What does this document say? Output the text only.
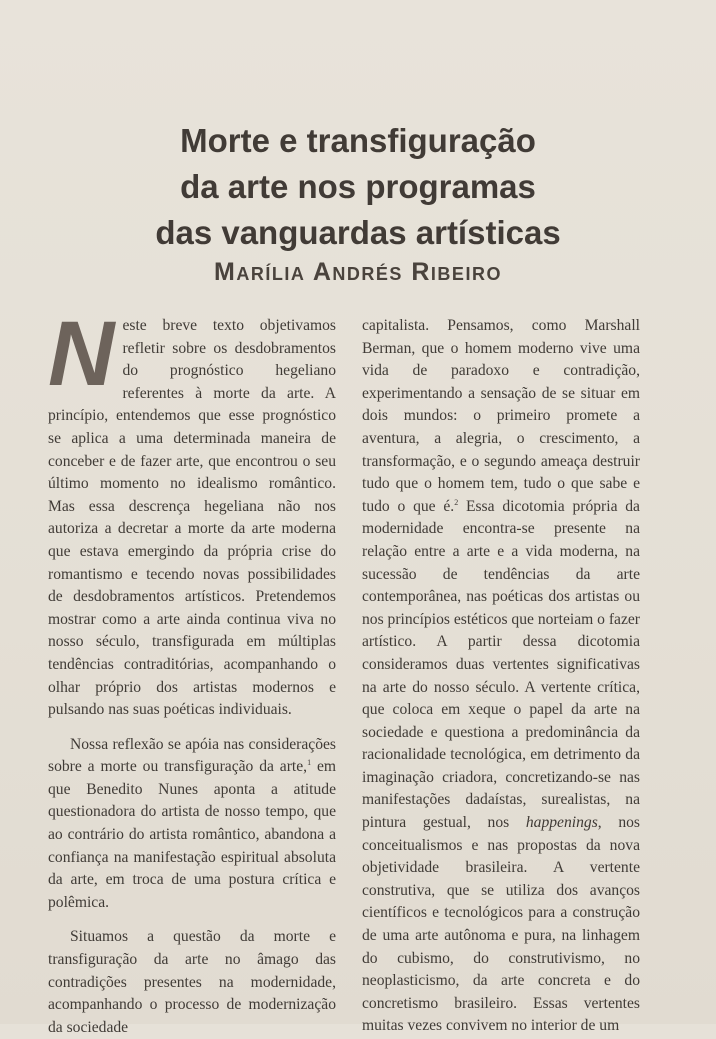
Morte e transfiguração
da arte nos programas
das vanguardas artísticas
Marília Andrés Ribeiro

Neste breve texto objetivamos refletir sobre os desdobramentos do prognóstico hegeliano referentes à morte da arte. A princípio, entendemos que esse prognóstico se aplica a uma determinada maneira de conceber e de fazer arte, que encontrou o seu último momento no idealismo romântico. Mas essa descrença hegeliana não nos autoriza a decretar a morte da arte moderna que estava emergindo da própria crise do romantismo e tecendo novas possibilidades de desdobramentos artísticos. Pretendemos mostrar como a arte ainda continua viva no nosso século, transfigurada em múltiplas tendências contraditórias, acompanhando o olhar próprio dos artistas modernos e pulsando nas suas poéticas individuais.

Nossa reflexão se apóia nas considerações sobre a morte ou transfiguração da arte,$^1$ em que Benedito Nunes aponta a atitude questionadora do artista de nosso tempo, que ao contrário do artista romântico, abandona a confiança na manifestação espiritual absoluta da arte, em troca de uma postura crítica e polêmica.

Situamos a questão da morte e transfiguração da arte no âmago das contradições presentes na modernidade, acompanhando o processo de modernização da sociedade

capitalista. Pensamos, como Marshall Berman, que o homem moderno vive uma vida de paradoxo e contradição, experimentando a sensação de se situar em dois mundos: o primeiro promete a aventura, a alegria, o crescimento, a transformação, e o segundo ameaça destruir tudo que o homem tem, tudo o que sabe e tudo o que é.$^2$ Essa dicotomia própria da modernidade encontra-se presente na relação entre a arte e a vida moderna, na sucessão de tendências da arte contemporânea, nas poéticas dos artistas ou nos princípios estéticos que norteiam o fazer artístico. A partir dessa dicotomia consideramos duas vertentes significativas na arte do nosso século. A vertente crítica, que coloca em xeque o papel da arte na sociedade e questiona a predominância da racionalidade tecnológica, em detrimento da imaginação criadora, concretizando-se nas manifestações dadaístas, surealistas, na pintura gestual, nos happenings, nos conceitualismos e nas propostas da nova objetividade brasileira. A vertente construtiva, que se utiliza dos avanços científicos e tecnológicos para a construção de uma arte autônoma e pura, na linhagem do cubismo, do construtivismo, no neoplasticismo, da arte concreta e do concretismo brasileiro. Essas vertentes muitas vezes convivem no interior de um
